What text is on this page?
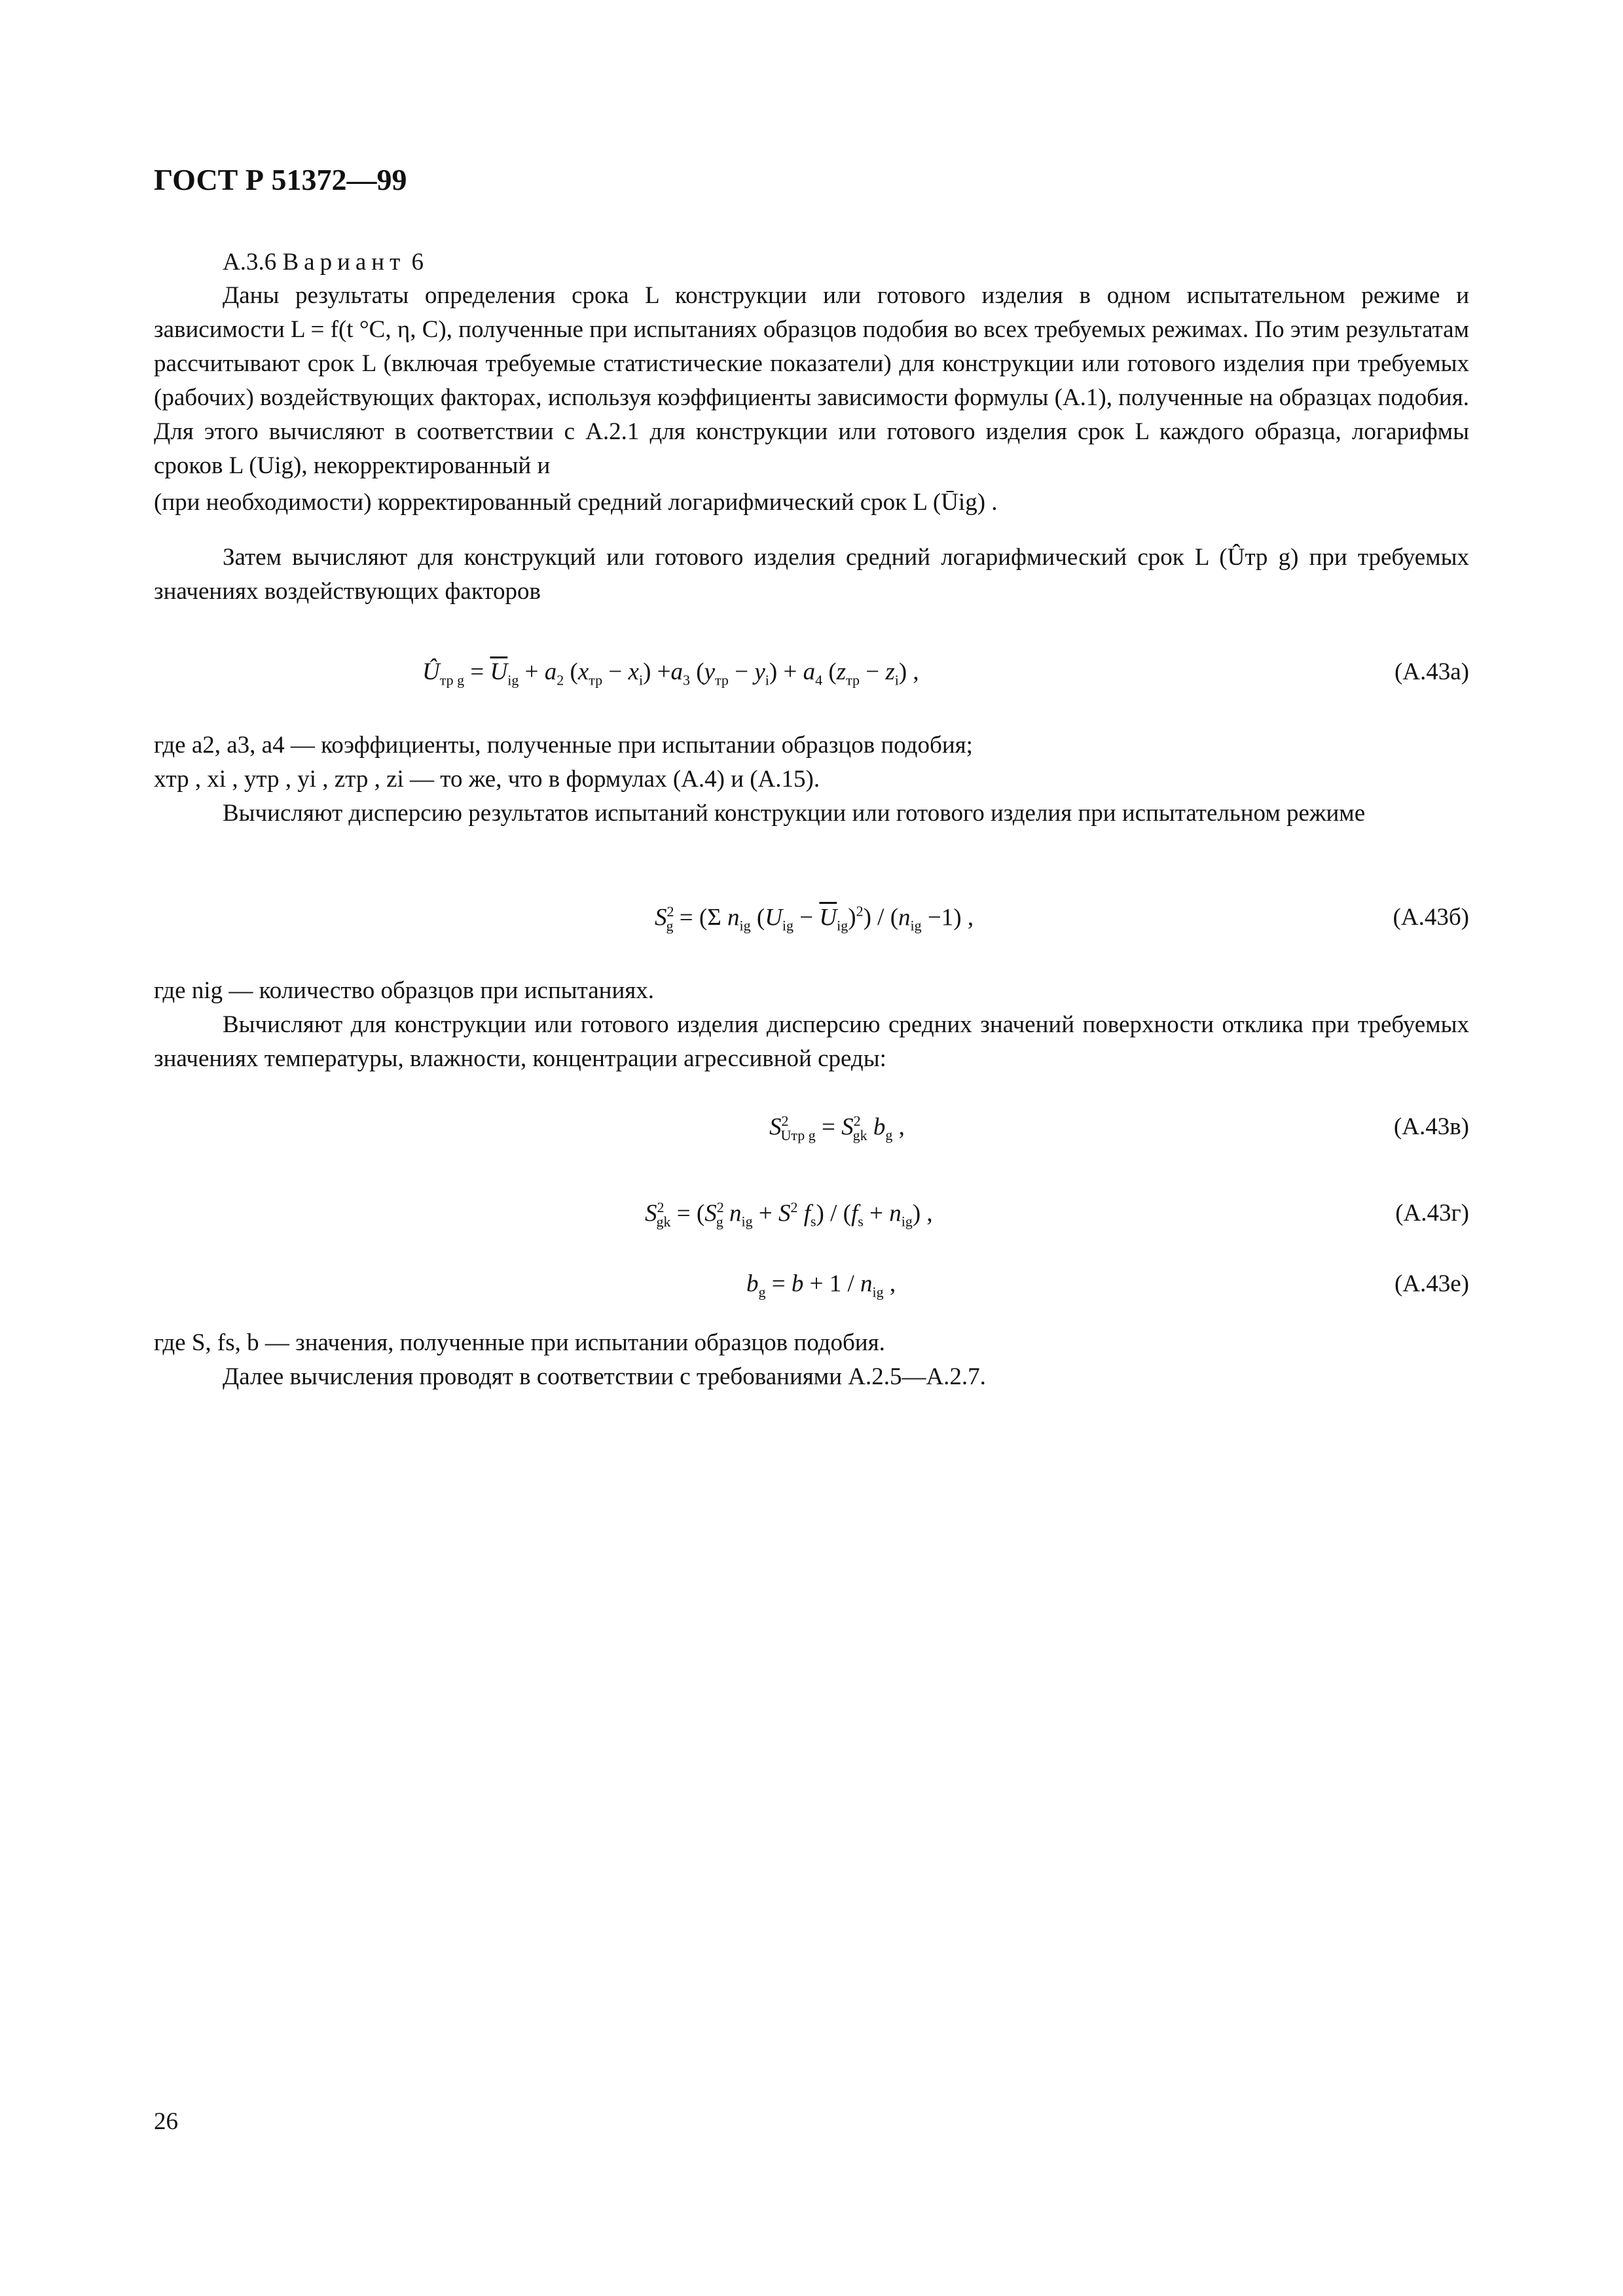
ГОСТ Р 51372—99
А.3.6 Вариант 6
Даны результаты определения срока L конструкции или готового изделия в одном испытательном режиме и зависимости L = f(t °C, η, C), полученные при испытаниях образцов подобия во всех требуемых режимах. По этим результатам рассчитывают срок L (включая требуемые статистические показатели) для конструкции или готового изделия при требуемых (рабочих) воздействующих факторах, используя коэффициенты зависимости формулы (А.1), полученные на образцах подобия. Для этого вычисляют в соответствии с А.2.1 для конструкции или готового изделия срок L каждого образца, логарифмы сроков L (Uig), некорректированный и
(при необходимости) корректированный средний логарифмический срок L (Ūig) .
Затем вычисляют для конструкций или готового изделия средний логарифмический срок L (Ûтр g) при требуемых значениях воздействующих факторов
$Û_{тр g} = \overline{U}_{ig} + a_2$ $(x_{тр} - x_i) +a_3$ $(y_{тр} - y_i) + a_4$ $(z_{тр} - z_i)$ ,	(А.43а)
где a2, a3, a4 — коэффициенты, полученные при испытании образцов подобия;
xтр , xi , yтр , yi , zтр , zi — то же, что в формулах (А.4) и (А.15).
Вычисляют дисперсию результатов испытаний конструкции или готового изделия при испытательном режиме
$S^2_g = (\Sigma$ $n_{ig}$ $(U_{ig} - \overline{U}_{ig})^2) / (n_{ig} -1)$ ,	(А.43б)
где nig — количество образцов при испытаниях.
Вычисляют для конструкции или готового изделия дисперсию средних значений поверхности отклика при требуемых значениях температуры, влажности, концентрации агрессивной среды:
$S^2_{Uтр g} = S^2_{gk}$ $b_g$ ,	(А.43в)
$S^2_{gk} = (S^2_g$ $n_{ig} + S^2$ $f_s) / (f_s + n_{ig})$ ,	(А.43г)
$b_g = b + 1 / n_{ig}$ ,	(А.43е)
где S, fs, b — значения, полученные при испытании образцов подобия.
Далее вычисления проводят в соответствии с требованиями А.2.5—А.2.7.
26
